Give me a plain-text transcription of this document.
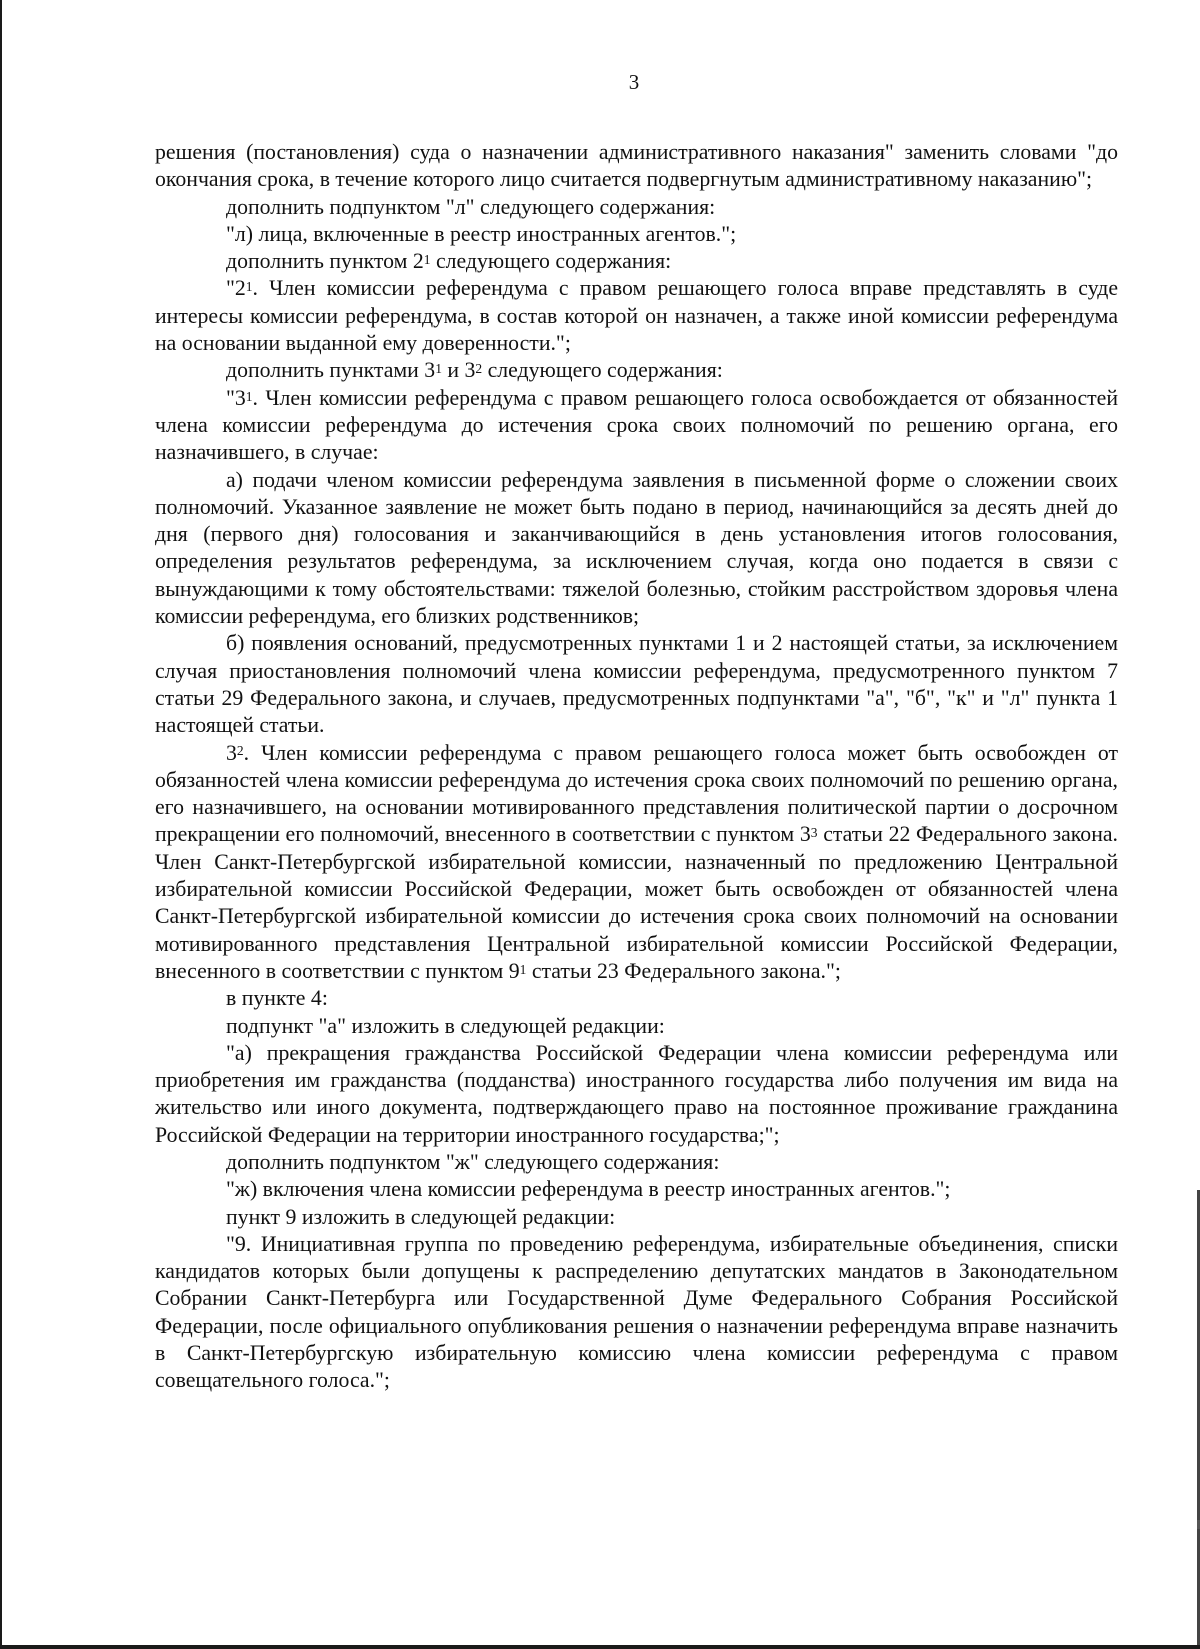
3

решения (постановления) суда о назначении административного наказания" заменить словами "до окончания срока, в течение которого лицо считается подвергнутым административному наказанию";

дополнить подпунктом "л" следующего содержания:

"л) лица, включенные в реестр иностранных агентов.";

дополнить пунктом $2^1$ следующего содержания:

"$2^1$. Член комиссии референдума с правом решающего голоса вправе представлять в суде интересы комиссии референдума, в состав которой он назначен, а также иной комиссии референдума на основании выданной ему доверенности.";

дополнить пунктами $3^1$ и $3^2$ следующего содержания:

"$3^1$. Член комиссии референдума с правом решающего голоса освобождается от обязанностей члена комиссии референдума до истечения срока своих полномочий по решению органа, его назначившего, в случае:

а) подачи членом комиссии референдума заявления в письменной форме о сложении своих полномочий. Указанное заявление не может быть подано в период, начинающийся за десять дней до дня (первого дня) голосования и заканчивающийся в день установления итогов голосования, определения результатов референдума, за исключением случая, когда оно подается в связи с вынуждающими к тому обстоятельствами: тяжелой болезнью, стойким расстройством здоровья члена комиссии референдума, его близких родственников;

б) появления оснований, предусмотренных пунктами 1 и 2 настоящей статьи, за исключением случая приостановления полномочий члена комиссии референдума, предусмотренного пунктом 7 статьи 29 Федерального закона, и случаев, предусмотренных подпунктами "а", "б", "к" и "л" пункта 1 настоящей статьи.

$3^2$. Член комиссии референдума с правом решающего голоса может быть освобожден от обязанностей члена комиссии референдума до истечения срока своих полномочий по решению органа, его назначившего, на основании мотивированного представления политической партии о досрочном прекращении его полномочий, внесенного в соответствии с пунктом $3^3$ статьи 22 Федерального закона. Член Санкт-Петербургской избирательной комиссии, назначенный по предложению Центральной избирательной комиссии Российской Федерации, может быть освобожден от обязанностей члена Санкт-Петербургской избирательной комиссии до истечения срока своих полномочий на основании мотивированного представления Центральной избирательной комиссии Российской Федерации, внесенного в соответствии с пунктом $9^1$ статьи 23 Федерального закона.";

в пункте 4:

подпункт "а" изложить в следующей редакции:

"а) прекращения гражданства Российской Федерации члена комиссии референдума или приобретения им гражданства (подданства) иностранного государства либо получения им вида на жительство или иного документа, подтверждающего право на постоянное проживание гражданина Российской Федерации на территории иностранного государства;";

дополнить подпунктом "ж" следующего содержания:

"ж) включения члена комиссии референдума в реестр иностранных агентов.";

пункт 9 изложить в следующей редакции:

"9. Инициативная группа по проведению референдума, избирательные объединения, списки кандидатов которых были допущены к распределению депутатских мандатов в Законодательном Собрании Санкт-Петербурга или Государственной Думе Федерального Собрания Российской Федерации, после официального опубликования решения о назначении референдума вправе назначить в Санкт-Петербургскую избирательную комиссию члена комиссии референдума с правом совещательного голоса.";
